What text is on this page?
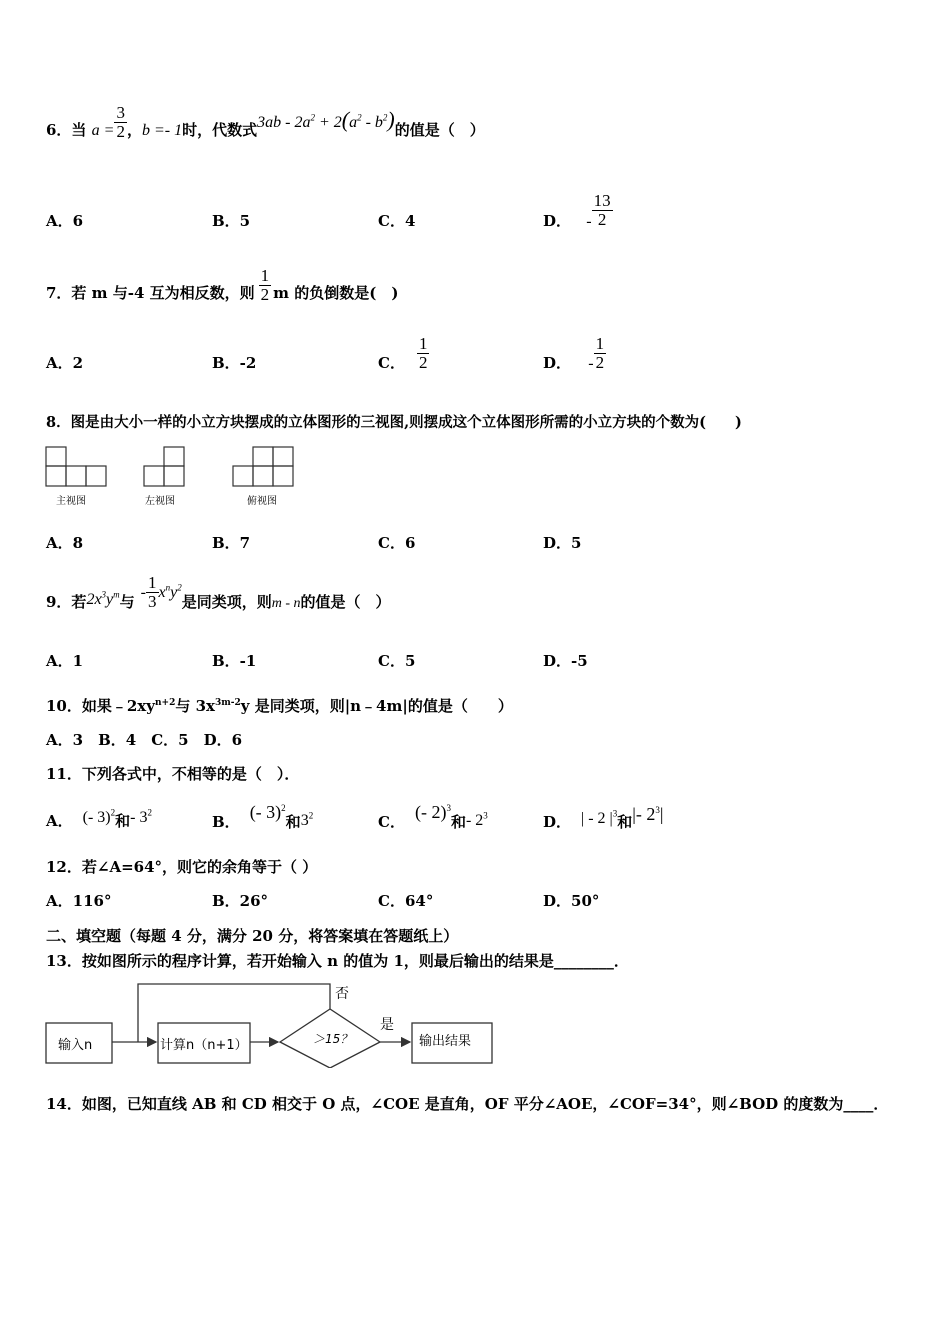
6．当 $a = \frac{3}{2}$ ，b =- 1时，代数式$3ab - 2a^2 + 2(a^2 - b^2)$的值是（　）
A．6	B．5	C．4	D． - $\frac{13}{2}$
7．若 m 与-4 互为相反数，则 $\frac{1}{2}$ m 的负倒数是(　)
A．2	B．-2	C． $\frac{1}{2}$	D． - $\frac{1}{2}$
8．图是由大小一样的小立方块摆成的立体图形的三视图,则摆成这个立体图形所需的小立方块的个数为(　　)
主视图	左视图	俯视图
A．8	B．7	C．6	D．5
9．若$2x^3y^m$与- $\frac{1}{3} x^ny^2$是同类项，则m - n的值是（　）
A．1	B．-1	C．5	D．-5
10．如果$﹣2xy^{n+2}$与 $3x^{3m-2}y$ 是同类项，则|n﹣4m|的值是（　　）
A．3　B．4　C．5　D．6
11．下列各式中，不相等的是（　）．
A． (- 3)$^2$和- $3^2$
B． (- 3)$^2$和$3^2$	C． (- 2)$^3$和- $2^3$	D． | - 2 $|^3$和|- $2^3|$
12．若∠A=64°，则它的余角等于（ ）
A．116°	B．26°	C．64°	D．50°
二、填空题（每题 4 分，满分 20 分，将答案填在答题纸上）
13．按如图所示的程序计算，若开始输入 n 的值为 1，则最后输出的结果是________．
输入n	计算n（n+1）	＞15？
否
是
输出结果
14．如图，已知直线 AB 和 CD 相交于 O 点，∠COE 是直角，OF 平分∠AOE，∠COF=34°，则∠BOD 的度数为____．
